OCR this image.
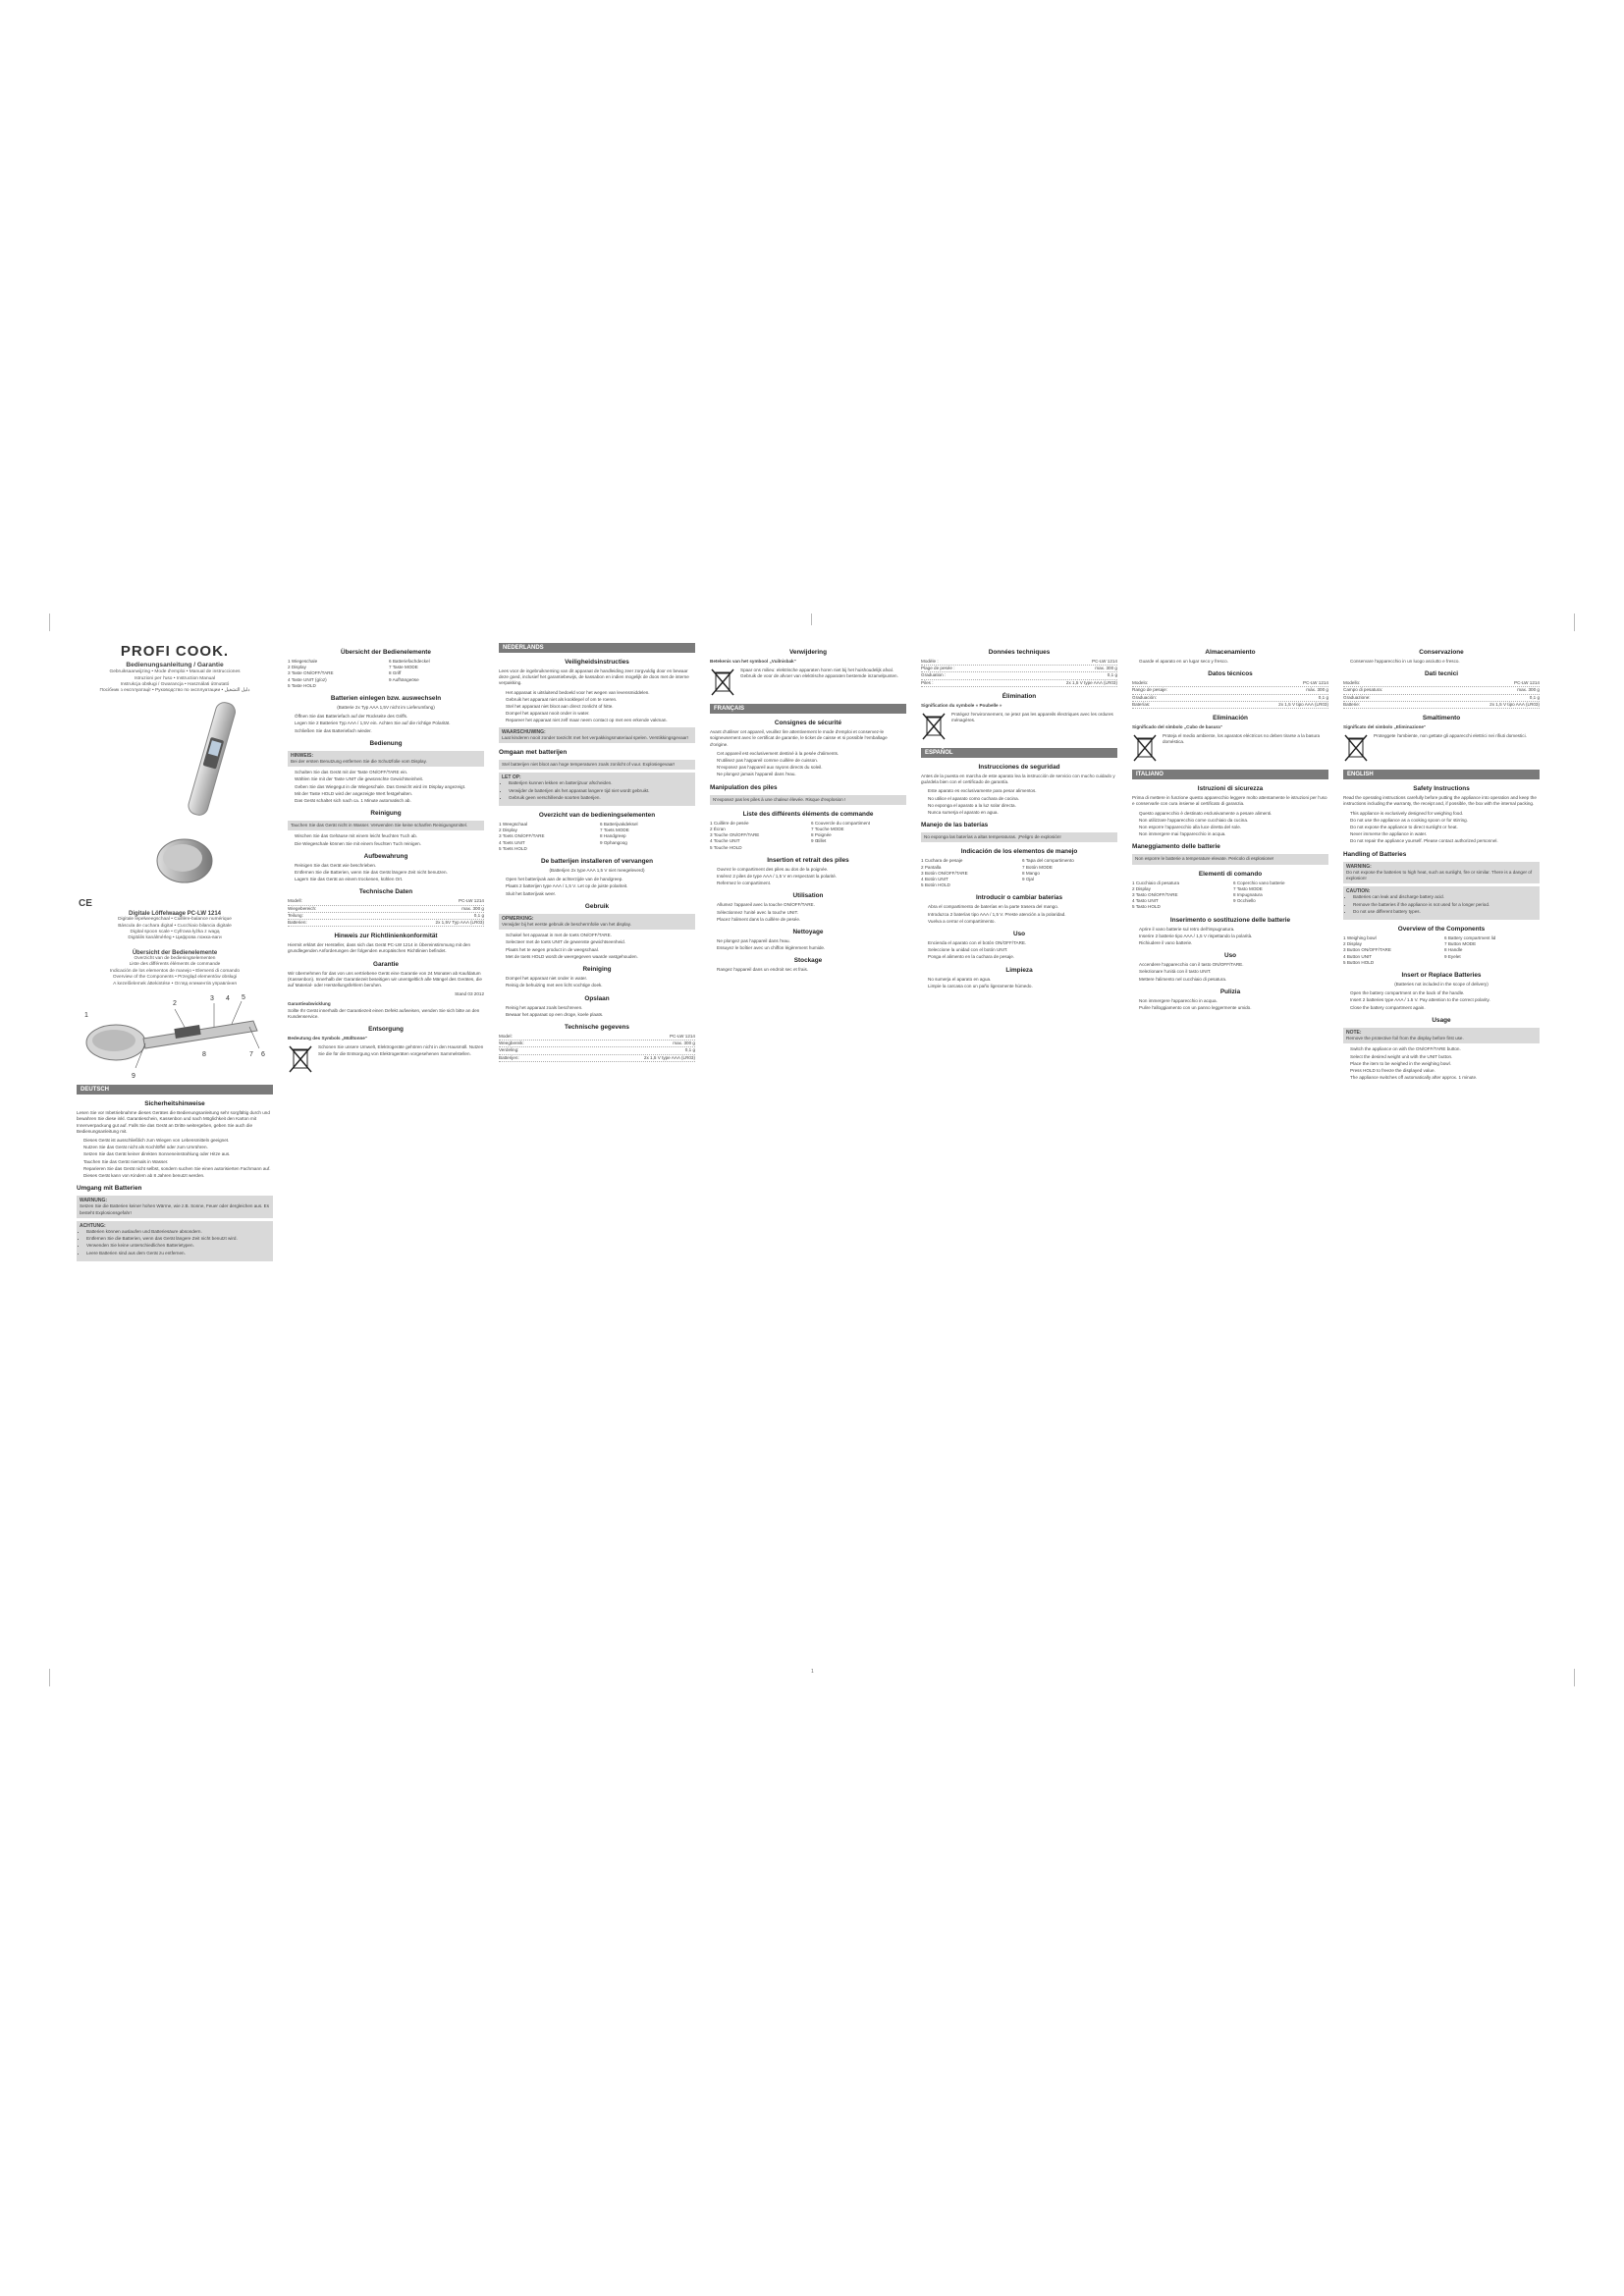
PROFI COOK.
Bedienungsanleitung / Garantie
Gebruiksaanwijzing • Mode d'emploi • Manual de instrucciones
Istruzioni per l'uso • Instruction Manual
Instrukcja obsługi / Gwarancja • Használati útmutató
Посібник з експлуатації • Руководство по эксплуатации • دليل التشغيل
CE
Digitale Löffelwaage PC-LW 1214
Digitale lepelweegschaal • Cuillère-balance numérique
Báscula de cuchara digital • Cucchiaio bilancia digitale
Digital spoon scale • Cyfrowa łyżka z wagą
Digitális kanálmérleg • Цифрова ложка-ваги
Übersicht der Bedienelemente
Overzicht van de bedieningselementen
Liste des différents éléments de commande
Indicación de los elementos de manejo • Elementi di comando
Overview of the Components • Przegląd elementów obsługi
A kezelőelemek áttekintése • Огляд елементів управління
1
2
3 4 5
6
7
8
9
DEUTSCH
Sicherheitshinweise

Lesen Sie vor Inbetriebnahme dieses Gerätes die Bedienungsanleitung sehr sorgfältig durch und bewahren Sie diese inkl. Garantieschein, Kassenbon und nach Möglichkeit den Karton mit Innenverpackung gut auf. Falls Sie das Gerät an Dritte weitergeben, geben Sie auch die Bedienungsanleitung mit.

• Dieses Gerät ist ausschließlich zum Wiegen von Lebensmitteln geeignet.
• Nutzen Sie das Gerät nicht als Kochlöffel oder zum Umrühren.
• Setzen Sie das Gerät keiner direkten Sonneneinstrahlung oder Hitze aus.
• Tauchen Sie das Gerät niemals in Wasser.
• Reparieren Sie das Gerät nicht selbst, sondern suchen Sie einen autorisierten Fachmann auf.
• Dieses Gerät kann von Kindern ab 8 Jahren benutzt werden.
Umgang mit Batterien
WARNUNG:
Setzen Sie die Batterien keiner hohen Wärme, wie z.B. Sonne, Feuer oder dergleichen aus. Es besteht Explosionsgefahr!
ACHTUNG:
• Batterien können auslaufen und Batteriesäure absondern.
• Entfernen Sie die Batterien, wenn das Gerät längere Zeit nicht benutzt wird.
• Verwenden Sie keine unterschiedlichen Batterietypen.
• Leere Batterien sind aus dem Gerät zu entfernen.
Übersicht der Bedienelemente
1 Wiegeschale	6 Batteriefachdeckel
2 Display	7 Taste MODE
3 Taste ON/OFF/TARE	8 Griff
4 Taste UNIT (g/oz)	9 Aufhängeöse
5 Taste HOLD
Batterien einlegen bzw. auswechseln

(Batterie 2x Typ AAA 1,5V nicht im Lieferumfang)

• Öffnen Sie das Batteriefach auf der Rückseite des Griffs.
• Legen Sie 2 Batterien Typ AAA / 1,5V ein. Achten Sie auf die richtige Polarität.
• Schließen Sie das Batteriefach wieder.
Bedienung
HINWEIS:
Bei der ersten Benutzung entfernen Sie die Schutzfolie vom Display.
• Schalten Sie das Gerät mit der Taste ON/OFF/TARE ein.
• Wählen Sie mit der Taste UNIT die gewünschte Gewichtseinheit.
• Geben Sie das Wiegegut in die Wiegeschale. Das Gewicht wird im Display angezeigt.
• Mit der Taste HOLD wird der angezeigte Wert festgehalten.
• Das Gerät schaltet sich nach ca. 1 Minute automatisch ab.
Reinigung
Tauchen Sie das Gerät nicht in Wasser. Verwenden Sie keine scharfen Reinigungsmittel.
• Wischen Sie das Gehäuse mit einem leicht feuchten Tuch ab.
• Die Wiegeschale können Sie mit einem feuchten Tuch reinigen.
Aufbewahrung
• Reinigen Sie das Gerät wie beschrieben.
• Entfernen Sie die Batterien, wenn Sie das Gerät längere Zeit nicht benutzen.
• Lagern Sie das Gerät an einem trockenen, kühlen Ort.
Technische Daten
Modell:	PC-LW 1214
Wiegebereich:	max. 300 g
Teilung:	0,1 g
Batterien:	2x 1,5V Typ AAA (LR03)
Hinweis zur Richtlinienkonformität

Hiermit erklärt der Hersteller, dass sich das Gerät PC-LW 1214 in Übereinstimmung mit den grundlegenden Anforderungen der folgenden europäischen Richtlinien befindet.

Garantie

Wir übernehmen für das von uns vertriebene Gerät eine Garantie von 24 Monaten ab Kaufdatum (Kassenbon). Innerhalb der Garantiezeit beseitigen wir unentgeltlich alle Mängel des Gerätes, die auf Material- oder Herstellungsfehlern beruhen.

Stand 03 2012

Garantieabwicklung

Sollte Ihr Gerät innerhalb der Garantiezeit einen Defekt aufweisen, wenden Sie sich bitte an den Kundenservice.

Entsorgung

Bedeutung des Symbols „Mülltonne“

Schonen Sie unsere Umwelt, Elektrogeräte gehören nicht in den Hausmüll. Nutzen Sie die für die Entsorgung von Elektrogeräten vorgesehenen Sammelstellen.

NEDERLANDS
Veiligheidsinstructies

Lees voor de ingebruikneming van dit apparaat de handleiding zeer zorgvuldig door en bewaar deze goed, inclusief het garantiebewijs, de kassabon en indien mogelijk de doos met de interne verpakking.

• Het apparaat is uitsluitend bedoeld voor het wegen van levensmiddelen.
• Gebruik het apparaat niet als kooklepel of om te roeren.
• Stel het apparaat niet bloot aan direct zonlicht of hitte.
• Dompel het apparaat nooit onder in water.
• Repareer het apparaat niet zelf maar neem contact op met een erkende vakman.
WAARSCHUWING:
Laat kinderen nooit zonder toezicht met het verpakkingsmateriaal spelen. Verstikkingsgevaar!
Omgaan met batterijen
Stel batterijen niet bloot aan hoge temperaturen zoals zonlicht of vuur. Explosiegevaar!
LET OP:
• Batterijen kunnen lekken en batterijzuur afscheiden.
• Verwijder de batterijen als het apparaat langere tijd niet wordt gebruikt.
• Gebruik geen verschillende soorten batterijen.
Overzicht van de bedieningselementen
1 Weegschaal	6 Batterijvakdeksel
2 Display	7 Toets MODE
3 Toets ON/OFF/TARE	8 Handgreep
4 Toets UNIT	9 Ophangoog
5 Toets HOLD
De batterijen installeren of vervangen

(Batterijen 2x type AAA 1,5 V niet meegeleverd)

• Open het batterijvak aan de achterzijde van de handgreep.
• Plaats 2 batterijen type AAA / 1,5 V. Let op de juiste polariteit.
• Sluit het batterijvak weer.
Gebruik
OPMERKING:
Verwijder bij het eerste gebruik de beschermfolie van het display.
• Schakel het apparaat in met de toets ON/OFF/TARE.
• Selecteer met de toets UNIT de gewenste gewichtseenheid.
• Plaats het te wegen product in de weegschaal.
• Met de toets HOLD wordt de weergegeven waarde vastgehouden.
Reiniging
• Dompel het apparaat niet onder in water.
• Reinig de behuizing met een licht vochtige doek.
Opslaan
• Reinig het apparaat zoals beschreven.
• Bewaar het apparaat op een droge, koele plaats.
Technische gegevens
Model:	PC-LW 1214
Weegbereik:	max. 300 g
Verdeling:	0,1 g
Batterijen:	2x 1,5 V type AAA (LR03)
Verwijdering

Betekenis van het symbool „Vuilnisbak“

Spaar ons milieu: elektrische apparaten horen niet bij het huishoudelijk afval. Gebruik de voor de afvoer van elektrische apparaten bestemde inzamelpunten.

FRANÇAIS
Consignes de sécurité

Avant d'utiliser cet appareil, veuillez lire attentivement le mode d'emploi et conservez-le soigneusement avec le certificat de garantie, le ticket de caisse et si possible l'emballage d'origine.

• Cet appareil est exclusivement destiné à la pesée d'aliments.
• N'utilisez pas l'appareil comme cuillère de cuisson.
• N'exposez pas l'appareil aux rayons directs du soleil.
• Ne plongez jamais l'appareil dans l'eau.
Manipulation des piles
N'exposez pas les piles à une chaleur élevée. Risque d'explosion !
Liste des différents éléments de commande
1 Cuillère de pesée	6 Couvercle du compartiment
2 Écran	7 Touche MODE
3 Touche ON/OFF/TARE	8 Poignée
4 Touche UNIT	9 Œillet
5 Touche HOLD
Insertion et retrait des piles
• Ouvrez le compartiment des piles au dos de la poignée.
• Insérez 2 piles de type AAA / 1,5 V en respectant la polarité.
• Refermez le compartiment.
Utilisation
• Allumez l'appareil avec la touche ON/OFF/TARE.
• Sélectionnez l'unité avec la touche UNIT.
• Placez l'aliment dans la cuillère de pesée.
Nettoyage
• Ne plongez pas l'appareil dans l'eau.
• Essuyez le boîtier avec un chiffon légèrement humide.
Stockage
• Rangez l'appareil dans un endroit sec et frais.
Données techniques
Modèle :	PC-LW 1214
Plage de pesée :	max. 300 g
Graduation :	0,1 g
Piles :	2x 1,5 V type AAA (LR03)
Élimination

Signification du symbole « Poubelle »

Protégez l'environnement, ne jetez pas les appareils électriques avec les ordures ménagères.

ESPAÑOL
Instrucciones de seguridad

Antes de la puesta en marcha de este aparato lea la instrucción de servicio con mucho cuidado y guárdela bien con el certificado de garantía.

• Este aparato es exclusivamente para pesar alimentos.
• No utilice el aparato como cuchara de cocina.
• No exponga el aparato a la luz solar directa.
• Nunca sumerja el aparato en agua.
Manejo de las baterías
No exponga las baterías a altas temperaturas. ¡Peligro de explosión!
Indicación de los elementos de manejo
1 Cuchara de pesaje	6 Tapa del compartimento
2 Pantalla	7 Botón MODE
3 Botón ON/OFF/TARE	8 Mango
4 Botón UNIT	9 Ojal
5 Botón HOLD
Introducir o cambiar baterías
• Abra el compartimento de baterías en la parte trasera del mango.
• Introduzca 2 baterías tipo AAA / 1,5 V. Preste atención a la polaridad.
• Vuelva a cerrar el compartimento.
Uso
• Encienda el aparato con el botón ON/OFF/TARE.
• Seleccione la unidad con el botón UNIT.
• Ponga el alimento en la cuchara de pesaje.
Limpieza
• No sumerja el aparato en agua.
• Limpie la carcasa con un paño ligeramente húmedo.
Almacenamiento
• Guarde el aparato en un lugar seco y fresco.
Datos técnicos
Modelo:	PC-LW 1214
Rango de pesaje:	máx. 300 g
Graduación:	0,1 g
Baterías:	2x 1,5 V tipo AAA (LR03)
Eliminación

Significado del símbolo „Cubo de basura“

Proteja el medio ambiente, los aparatos eléctricos no deben tirarse a la basura doméstica.

ITALIANO
Istruzioni di sicurezza

Prima di mettere in funzione questo apparecchio leggere molto attentamente le istruzioni per l'uso e conservarle con cura insieme al certificato di garanzia.

• Questo apparecchio è destinato esclusivamente a pesare alimenti.
• Non utilizzare l'apparecchio come cucchiaio da cucina.
• Non esporre l'apparecchio alla luce diretta del sole.
• Non immergere mai l'apparecchio in acqua.
Maneggiamento delle batterie
Non esporre le batterie a temperature elevate. Pericolo di esplosione!
Elementi di comando
1 Cucchiaio di pesatura	6 Coperchio vano batterie
2 Display	7 Tasto MODE
3 Tasto ON/OFF/TARE	8 Impugnatura
4 Tasto UNIT	9 Occhiello
5 Tasto HOLD
Inserimento o sostituzione delle batterie
• Aprire il vano batterie sul retro dell'impugnatura.
• Inserire 2 batterie tipo AAA / 1,5 V rispettando la polarità.
• Richiudere il vano batterie.
Uso
• Accendere l'apparecchio con il tasto ON/OFF/TARE.
• Selezionare l'unità con il tasto UNIT.
• Mettere l'alimento nel cucchiaio di pesatura.
Pulizia
• Non immergere l'apparecchio in acqua.
• Pulire l'alloggiamento con un panno leggermente umido.
Conservazione
• Conservare l'apparecchio in un luogo asciutto e fresco.
Dati tecnici
Modello:	PC-LW 1214
Campo di pesatura:	max. 300 g
Graduazione:	0,1 g
Batterie:	2x 1,5 V tipo AAA (LR03)
Smaltimento

Significato del simbolo „Eliminazione“

Proteggete l'ambiente, non gettate gli apparecchi elettrici nei rifiuti domestici.

ENGLISH
Safety Instructions

Read the operating instructions carefully before putting the appliance into operation and keep the instructions including the warranty, the receipt and, if possible, the box with the internal packing.

• This appliance is exclusively designed for weighing food.
• Do not use the appliance as a cooking spoon or for stirring.
• Do not expose the appliance to direct sunlight or heat.
• Never immerse the appliance in water.
• Do not repair the appliance yourself. Please contact authorized personnel.
Handling of Batteries
WARNING:
Do not expose the batteries to high heat, such as sunlight, fire or similar. There is a danger of explosion!
CAUTION:
• Batteries can leak and discharge battery acid.
• Remove the batteries if the appliance is not used for a longer period.
• Do not use different battery types.
Overview of the Components
1 Weighing bowl	6 Battery compartment lid
2 Display	7 Button MODE
3 Button ON/OFF/TARE	8 Handle
4 Button UNIT	9 Eyelet
5 Button HOLD
Insert or Replace Batteries

(Batteries not included in the scope of delivery)

• Open the battery compartment on the back of the handle.
• Insert 2 batteries type AAA / 1.5 V. Pay attention to the correct polarity.
• Close the battery compartment again.
Usage
NOTE:
Remove the protective foil from the display before first use.
• Switch the appliance on with the ON/OFF/TARE button.
• Select the desired weight unit with the UNIT button.
• Place the item to be weighed in the weighing bowl.
• Press HOLD to freeze the displayed value.
• The appliance switches off automatically after approx. 1 minute.
1
